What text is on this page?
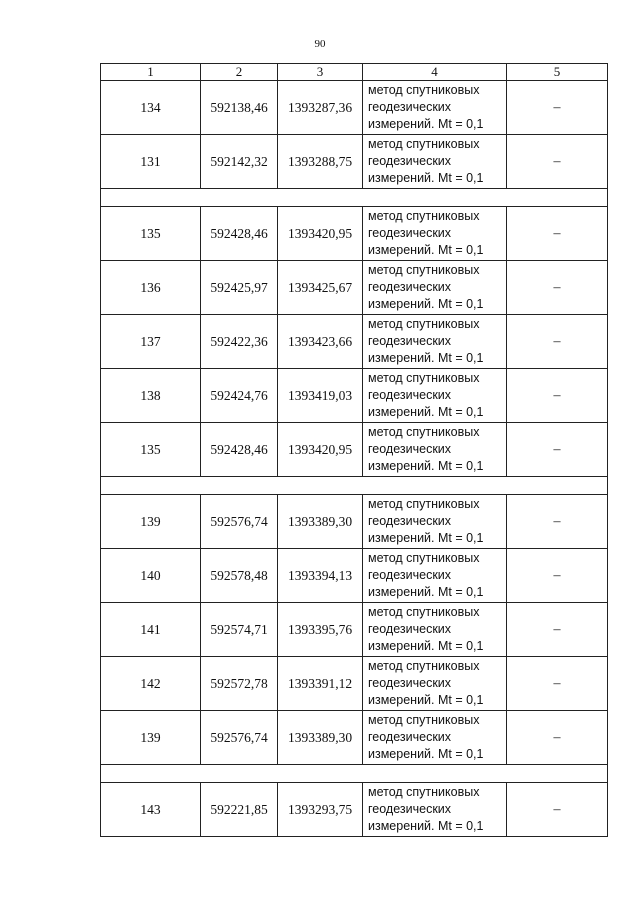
90
1	2	3	4	5
134	592138,46	1393287,36	метод спутниковых
геодезических
измерений. Mt = 0,1	–
131	592142,32	1393288,75	метод спутниковых
геодезических
измерений. Mt = 0,1	–

135	592428,46	1393420,95	метод спутниковых
геодезических
измерений. Mt = 0,1	–
136	592425,97	1393425,67	метод спутниковых
геодезических
измерений. Mt = 0,1	–
137	592422,36	1393423,66	метод спутниковых
геодезических
измерений. Mt = 0,1	–
138	592424,76	1393419,03	метод спутниковых
геодезических
измерений. Mt = 0,1	–
135	592428,46	1393420,95	метод спутниковых
геодезических
измерений. Mt = 0,1	–

139	592576,74	1393389,30	метод спутниковых
геодезических
измерений. Mt = 0,1	–
140	592578,48	1393394,13	метод спутниковых
геодезических
измерений. Mt = 0,1	–
141	592574,71	1393395,76	метод спутниковых
геодезических
измерений. Mt = 0,1	–
142	592572,78	1393391,12	метод спутниковых
геодезических
измерений. Mt = 0,1	–
139	592576,74	1393389,30	метод спутниковых
геодезических
измерений. Mt = 0,1	–

143	592221,85	1393293,75	метод спутниковых
геодезических
измерений. Mt = 0,1	–
